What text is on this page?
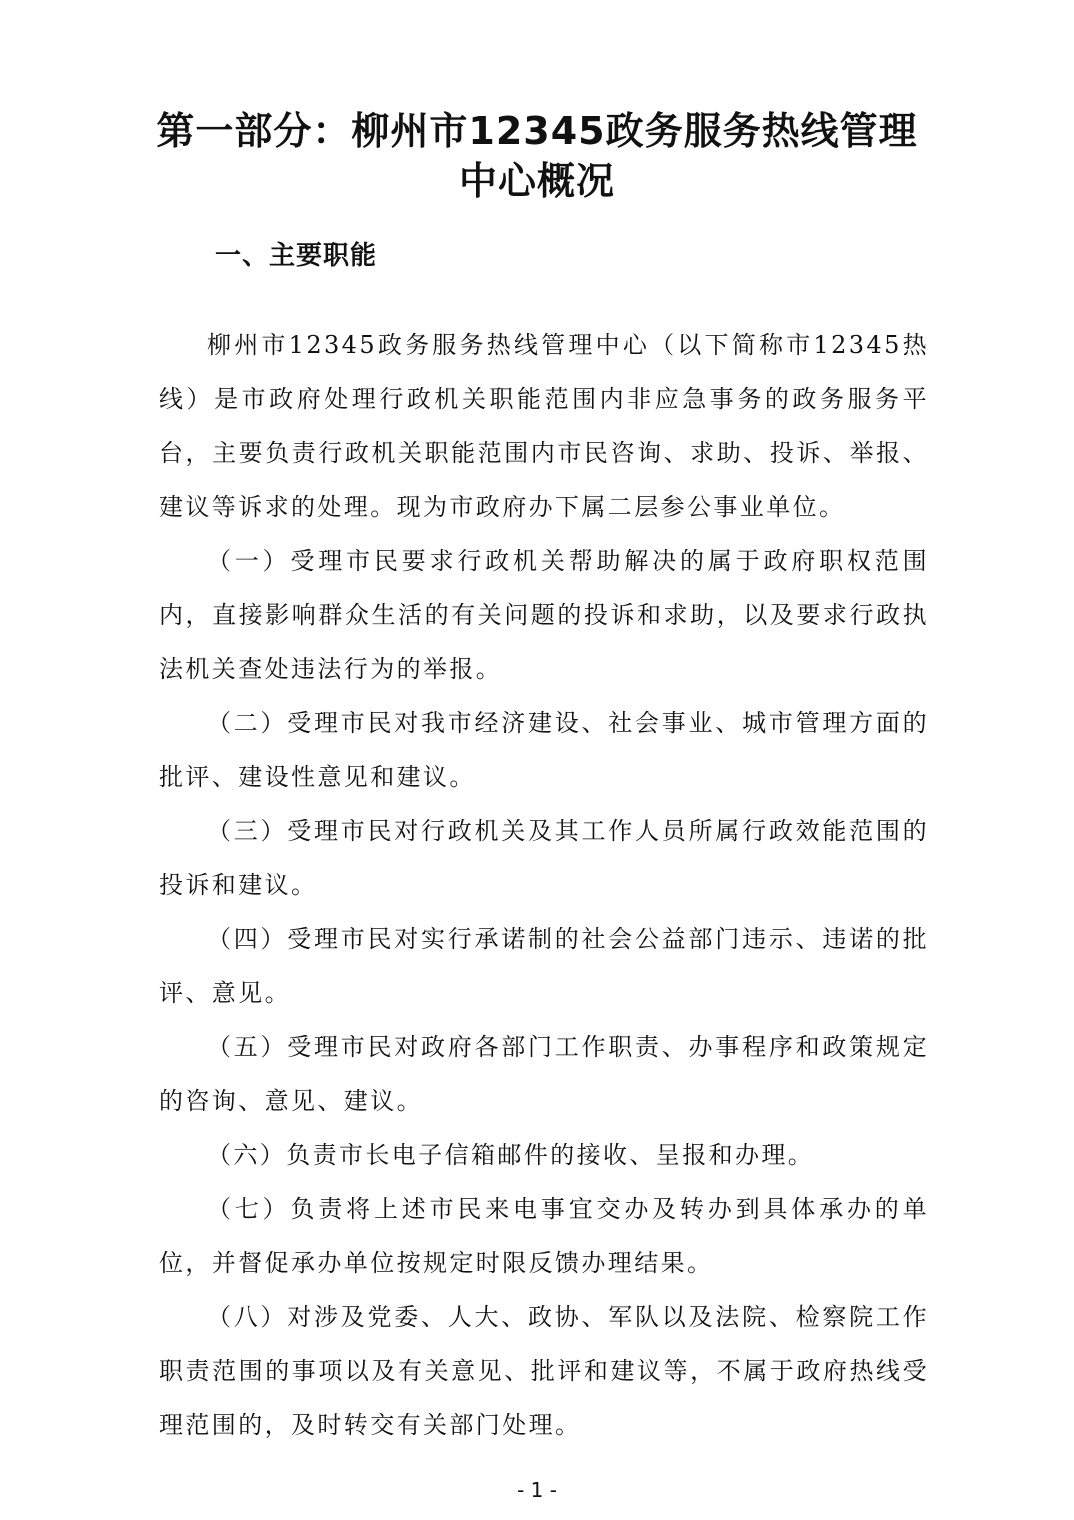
第一部分：柳州市12345政务服务热线管理
中心概况
一、主要职能

柳州市12345政务服务热线管理中心（以下简称市12345热线）是市政府处理行政机关职能范围内非应急事务的政务服务平台，主要负责行政机关职能范围内市民咨询、求助、投诉、举报、建议等诉求的处理。现为市政府办下属二层参公事业单位。

（一）受理市民要求行政机关帮助解决的属于政府职权范围内，直接影响群众生活的有关问题的投诉和求助，以及要求行政执法机关查处违法行为的举报。

（二）受理市民对我市经济建设、社会事业、城市管理方面的批评、建设性意见和建议。

（三）受理市民对行政机关及其工作人员所属行政效能范围的投诉和建议。

（四）受理市民对实行承诺制的社会公益部门违示、违诺的批评、意见。

（五）受理市民对政府各部门工作职责、办事程序和政策规定的咨询、意见、建议。

（六）负责市长电子信箱邮件的接收、呈报和办理。

（七）负责将上述市民来电事宜交办及转办到具体承办的单位，并督促承办单位按规定时限反馈办理结果。

（八）对涉及党委、人大、政协、军队以及法院、检察院工作职责范围的事项以及有关意见、批评和建议等，不属于政府热线受理范围的，及时转交有关部门处理。

- 1 -
